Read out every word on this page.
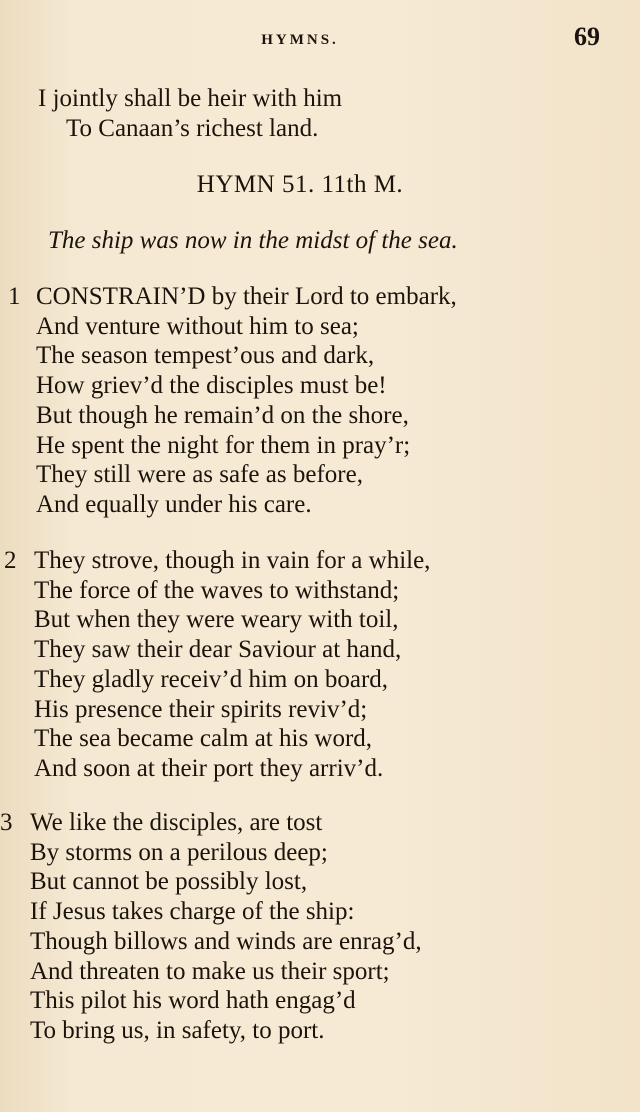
HYMNS.	69
I jointly shall be heir with him
To Canaan’s richest land.
HYMN 51. 11th M.
The ship was now in the midst of the sea.
1 CONSTRAIN’D by their Lord to embark,
And venture without him to sea;
The season tempest’ous and dark,
How griev’d the disciples must be!
But though he remain’d on the shore,
He spent the night for them in pray’r;
They still were as safe as before,
And equally under his care.
2 They strove, though in vain for a while,
The force of the waves to withstand;
But when they were weary with toil,
They saw their dear Saviour at hand,
They gladly receiv’d him on board,
His presence their spirits reviv’d;
The sea became calm at his word,
And soon at their port they arriv’d.
3 We like the disciples, are tost
By storms on a perilous deep;
But cannot be possibly lost,
If Jesus takes charge of the ship:
Though billows and winds are enrag’d,
And threaten to make us their sport;
This pilot his word hath engag’d
To bring us, in safety, to port.
